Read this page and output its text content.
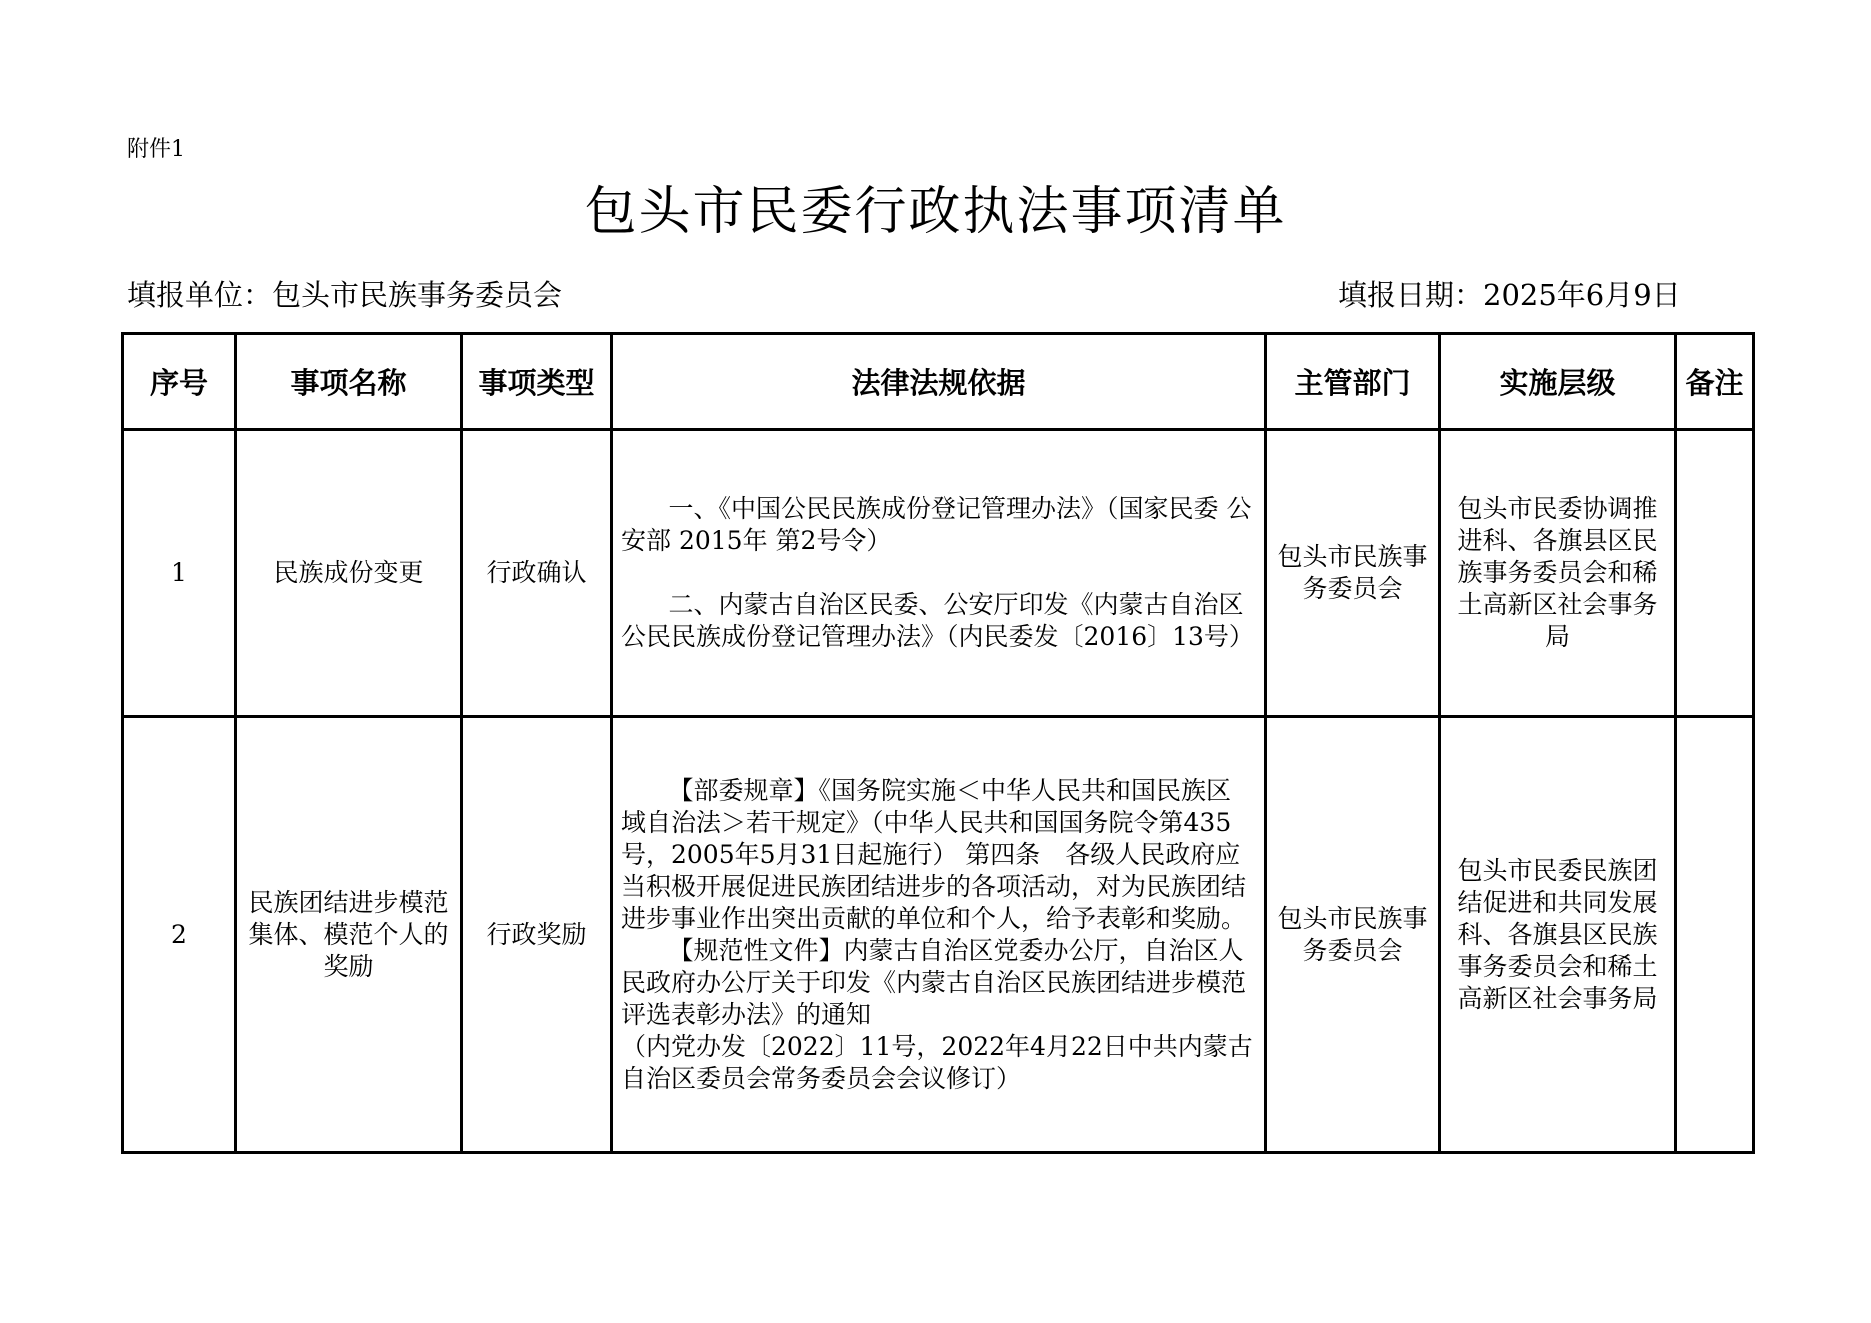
附件1
包头市民委行政执法事项清单
填报单位：包头市民族事务委员会	填报日期：2025年6月9日
序号	事项名称	事项类型	法律法规依据	主管部门	实施层级	备注
1	民族成份变更	行政确认	一、《中国公民民族成份登记管理办法》（国家民委 公安部 2015年 第2号令）
二、内蒙古自治区民委、公安厅印发《内蒙古自治区公民民族成份登记管理办法》（内民委发〔2016〕13号）	包头市民族事务委员会	包头市民委协调推进科、各旗县区民族事务委员会和稀土高新区社会事务局	
2	民族团结进步模范集体、模范个人的奖励	行政奖励	【部委规章】《国务院实施＜中华人民共和国民族区域自治法＞若干规定》（中华人民共和国国务院令第435号，2005年5月31日起施行） 第四条　各级人民政府应当积极开展促进民族团结进步的各项活动，对为民族团结进步事业作出突出贡献的单位和个人，给予表彰和奖励。
【规范性文件】内蒙古自治区党委办公厅，自治区人民政府办公厅关于印发《内蒙古自治区民族团结进步模范评选表彰办法》的通知
（内党办发〔2022〕11号，2022年4月22日中共内蒙古自治区委员会常务委员会会议修订）	包头市民族事务委员会	包头市民委民族团结促进和共同发展科、各旗县区民族事务委员会和稀土高新区社会事务局	
